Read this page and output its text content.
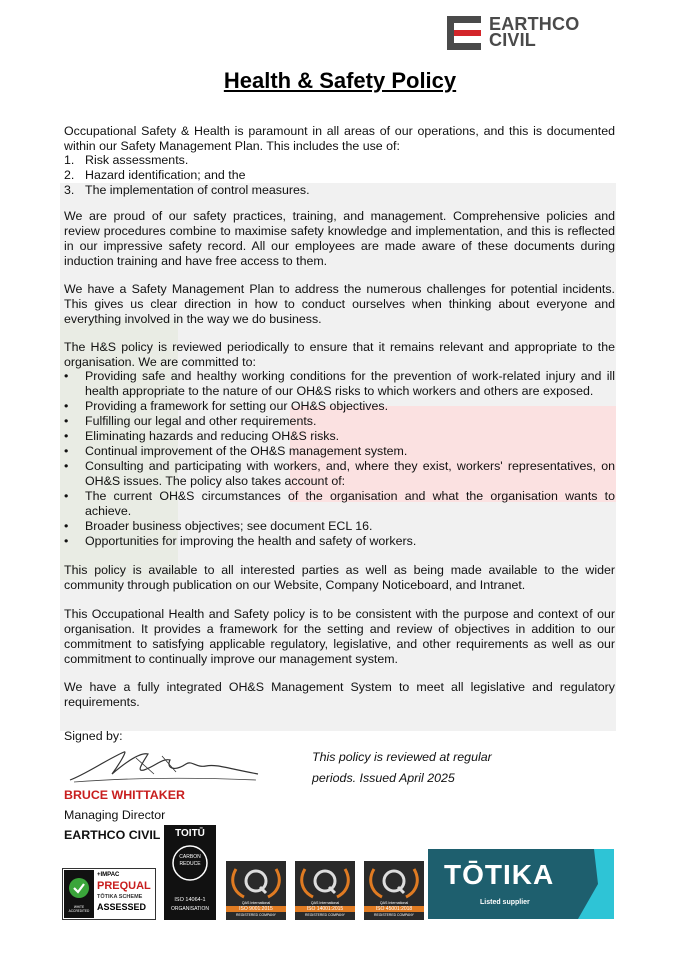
EARTHCO
CIVIL
Health & Safety Policy

Occupational Safety & Health is paramount in all areas of our operations, and this is documented within our Safety Management Plan. This includes the use of:

1. Risk assessments.
2. Hazard identification; and the
3. The implementation of control measures.

We are proud of our safety practices, training, and management. Comprehensive policies and review procedures combine to maximise safety knowledge and implementation, and this is reflected in our impressive safety record. All our employees are made aware of these documents during induction training and have free access to them.

We have a Safety Management Plan to address the numerous challenges for potential incidents. This gives us clear direction in how to conduct ourselves when thinking about everyone and everything involved in the way we do business.

The H&S policy is reviewed periodically to ensure that it remains relevant and appropriate to the organisation. We are committed to:

• Providing safe and healthy working conditions for the prevention of work-related injury and ill health appropriate to the nature of our OH&S risks to which workers and others are exposed.
• Providing a framework for setting our OH&S objectives.
• Fulfilling our legal and other requirements.
• Eliminating hazards and reducing OH&S risks.
• Continual improvement of the OH&S management system.
• Consulting and participating with workers, and, where they exist, workers' representatives, on OH&S issues. The policy also takes account of:
• The current OH&S circumstances of the organisation and what the organisation wants to achieve.
• Broader business objectives; see document ECL 16.
• Opportunities for improving the health and safety of workers.

This policy is available to all interested parties as well as being made available to the wider community through publication on our Website, Company Noticeboard, and Intranet.

This Occupational Health and Safety policy is to be consistent with the purpose and context of our organisation. It provides a framework for the setting and review of objectives in addition to our commitment to satisfying applicable regulatory, legislative, and other requirements as well as our commitment to continually improve our management system.

We have a fully integrated OH&S Management System to meet all legislative and regulatory requirements.

Signed by:
This policy is reviewed at regular
periods. Issued April 2025
BRUCE WHITTAKER
Managing Director
EARTHCO CIVIL
WHITE ACCREDITED
+IMPAC
PREQUAL
TŌTIKA SCHEME
ASSESSED
TOITŪ
CARBON REDUCE
ISO 14064-1
ORGANISATION
QAS International
ISO 9001:2015
REGISTERED COMPANY
QAS International
ISO 14001:2015
REGISTERED COMPANY
QAS International
ISO 45001:2018
REGISTERED COMPANY
TŌTIKA
Listed supplier
